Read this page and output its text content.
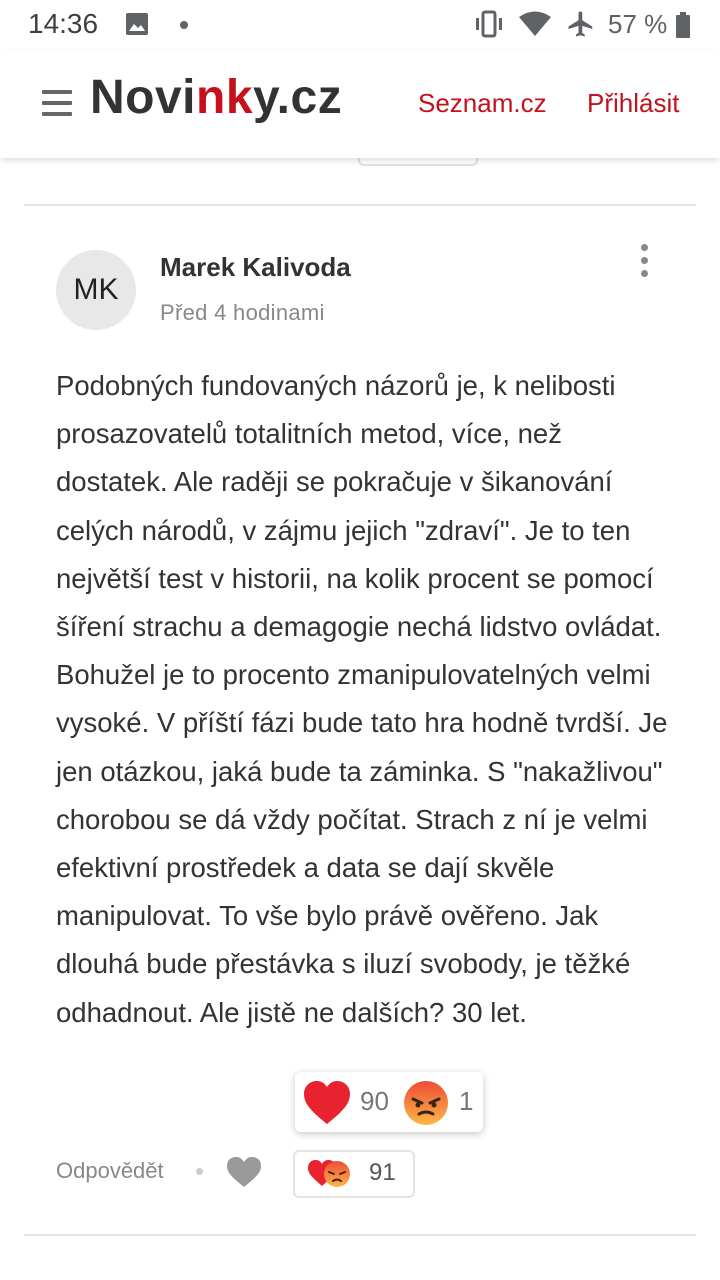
14:36	57 %
Novinky.cz	Seznam.cz Přihlásit
MK
Marek Kalivoda
Před 4 hodinami
Podobných fundovaných názorů je, k nelibosti prosazovatelů totalitních metod, více, než dostatek. Ale raději se pokračuje v šikanování celých národů, v zájmu jejich "zdraví". Je to ten největší test v historii, na kolik procent se pomocí šíření strachu a demagogie nechá lidstvo ovládat. Bohužel je to procento zmanipulovatelných velmi vysoké. V příští fázi bude tato hra hodně tvrdší. Je jen otázkou, jaká bude ta záminka. S "nakažlivou" chorobou se dá vždy počítat. Strach z ní je velmi efektivní prostředek a data se dají skvěle manipulovat. To vše bylo právě ověřeno. Jak dlouhá bude přestávka s iluzí svobody, je těžké odhadnout. Ale jistě ne dalších? 30 let.
90	1
Odpovědět	91
